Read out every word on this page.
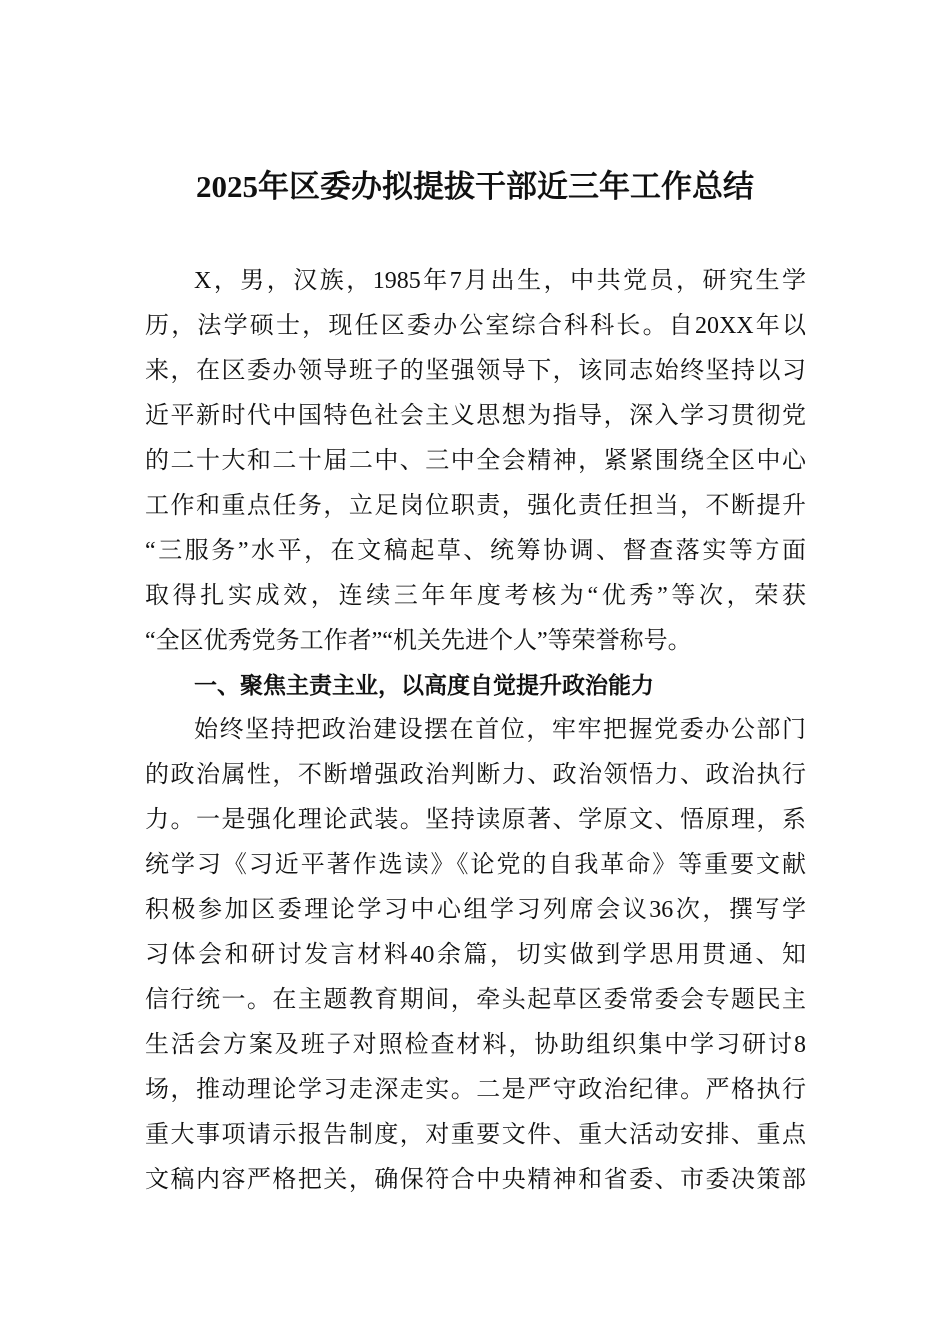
2025年区委办拟提拔干部近三年工作总结
X，男，汉族，1985年7月出生，中共党员，研究生学
历，法学硕士，现任区委办公室综合科科长。自20XX年以
来，在区委办领导班子的坚强领导下，该同志始终坚持以习
近平新时代中国特色社会主义思想为指导，深入学习贯彻党
的二十大和二十届二中、三中全会精神，紧紧围绕全区中心
工作和重点任务，立足岗位职责，强化责任担当，不断提升
“三服务”水平，在文稿起草、统筹协调、督查落实等方面
取得扎实成效，连续三年年度考核为“优秀”等次，荣获
“全区优秀党务工作者”“机关先进个人”等荣誉称号。
一、聚焦主责主业，以高度自觉提升政治能力
始终坚持把政治建设摆在首位，牢牢把握党委办公部门
的政治属性，不断增强政治判断力、政治领悟力、政治执行
力。一是强化理论武装。坚持读原著、学原文、悟原理，系
统学习《习近平著作选读》《论党的自我革命》等重要文献
积极参加区委理论学习中心组学习列席会议36次，撰写学
习体会和研讨发言材料40余篇，切实做到学思用贯通、知
信行统一。在主题教育期间，牵头起草区委常委会专题民主
生活会方案及班子对照检查材料，协助组织集中学习研讨8
场，推动理论学习走深走实。二是严守政治纪律。严格执行
重大事项请示报告制度，对重要文件、重大活动安排、重点
文稿内容严格把关，确保符合中央精神和省委、市委决策部
